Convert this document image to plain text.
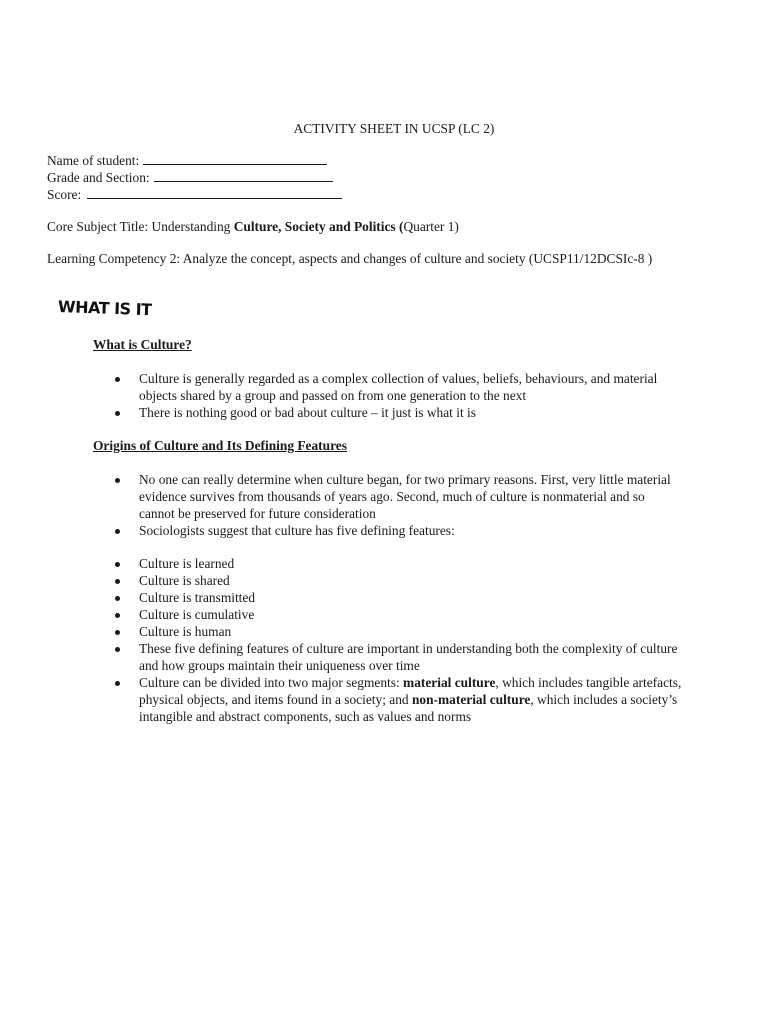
ACTIVITY SHEET IN UCSP (LC 2)
Name of student:
Grade and Section:
Score:
Core Subject Title: Understanding Culture, Society and Politics (Quarter 1)
Learning Competency 2: Analyze the concept, aspects and changes of culture and society (UCSP11/12DCSIc-8 )
WHAT IS IT
What is Culture?
Culture is generally regarded as a complex collection of values, beliefs, behaviours, and material objects shared by a group and passed on from one generation to the next
There is nothing good or bad about culture – it just is what it is
Origins of Culture and Its Defining Features
No one can really determine when culture began, for two primary reasons. First, very little material evidence survives from thousands of years ago. Second, much of culture is nonmaterial and so cannot be preserved for future consideration
Sociologists suggest that culture has five defining features:
Culture is learned
Culture is shared
Culture is transmitted
Culture is cumulative
Culture is human
These five defining features of culture are important in understanding both the complexity of culture and how groups maintain their uniqueness over time
Culture can be divided into two major segments: material culture, which includes tangible artefacts, physical objects, and items found in a society; and non-material culture, which includes a society’s intangible and abstract components, such as values and norms
